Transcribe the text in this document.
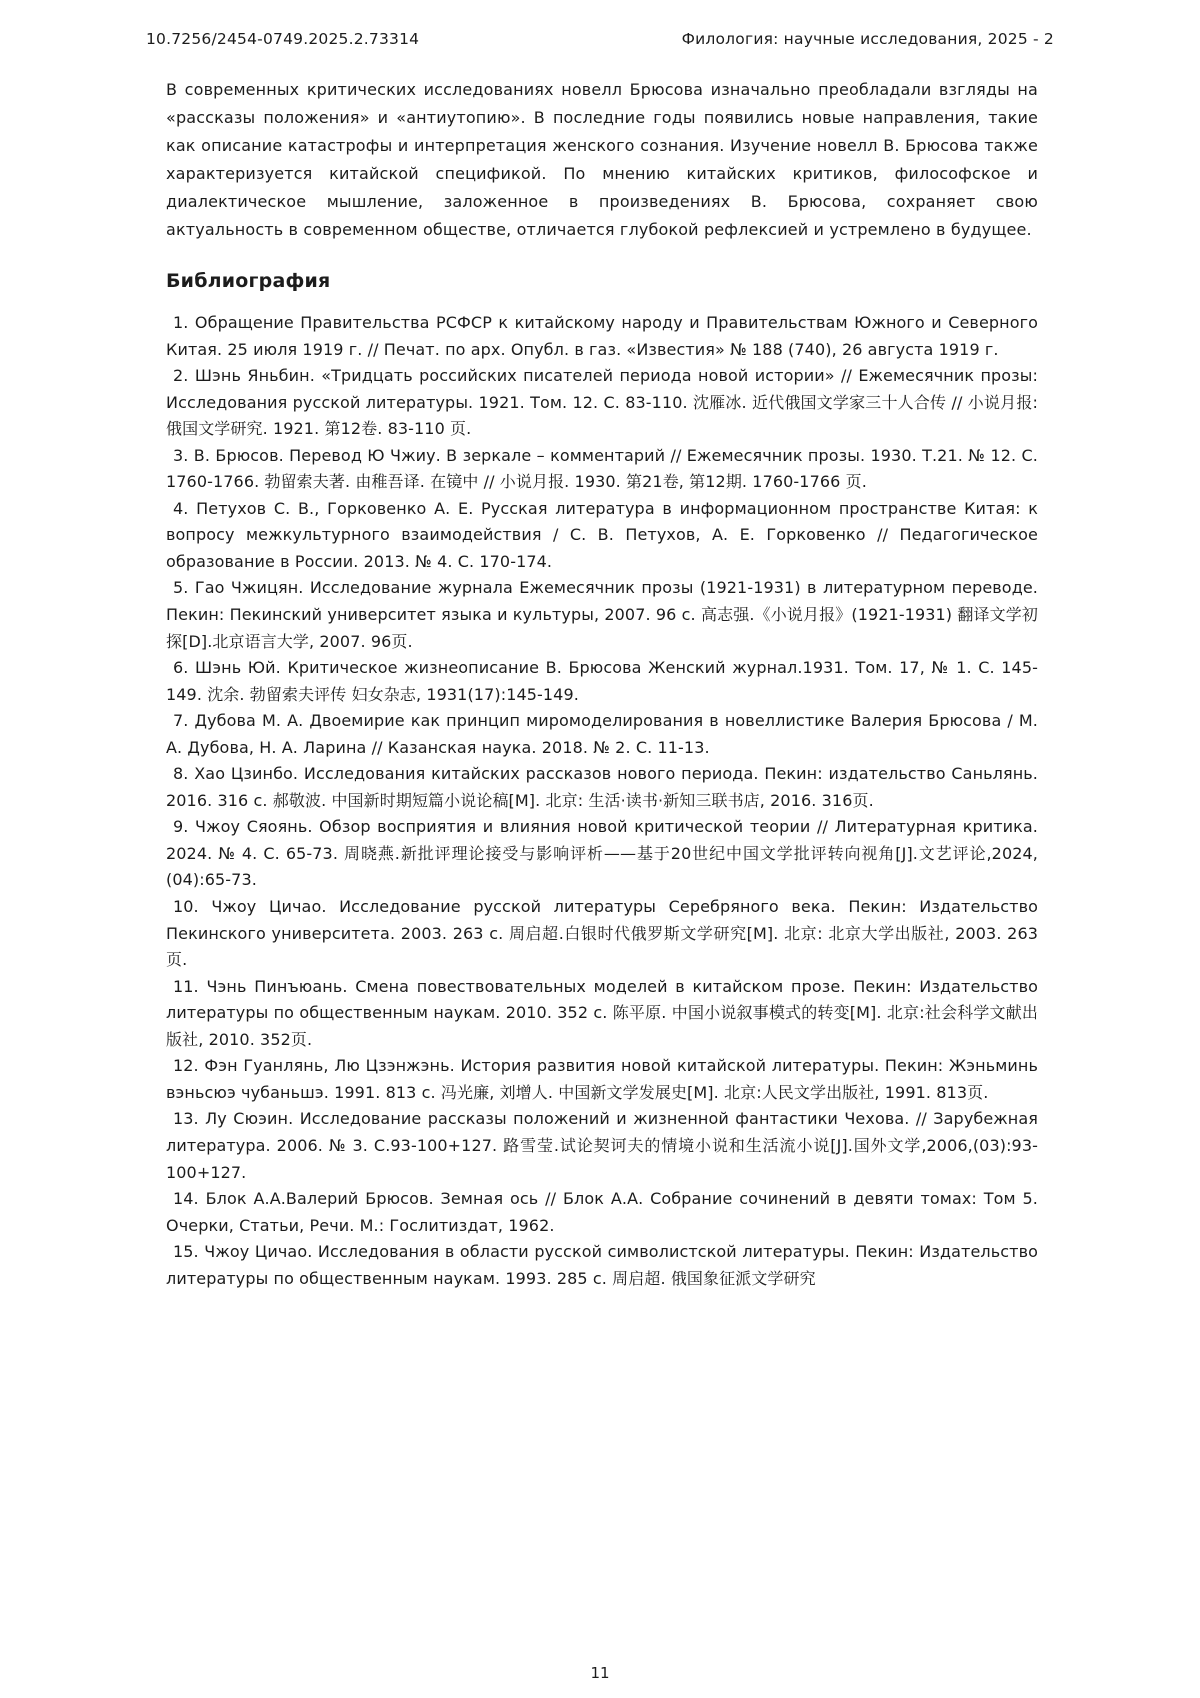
10.7256/2454-0749.2025.2.73314	Филология: научные исследования, 2025 - 2

В современных критических исследованиях новелл Брюсова изначально преобладали взгляды на «рассказы положения» и «антиутопию». В последние годы появились новые направления, такие как описание катастрофы и интерпретация женского сознания. Изучение новелл В. Брюсова также характеризуется китайской спецификой. По мнению китайских критиков, философское и диалектическое мышление, заложенное в произведениях В. Брюсова, сохраняет свою актуальность в современном обществе, отличается глубокой рефлексией и устремлено в будущее.

Библиография

1. Обращение Правительства РСФСР к китайскому народу и Правительствам Южного и Северного Китая. 25 июля 1919 г. // Печат. по арх. Опубл. в газ. «Известия» № 188 (740), 26 августа 1919 г.

2. Шэнь Яньбин. «Тридцать российских писателей периода новой истории» // Ежемесячник прозы: Исследования русской литературы. 1921. Том. 12. С. 83-110. 沈雁冰. 近代俄国文学家三十人合传 // 小说月报: 俄国文学研究. 1921. 第12卷. 83-110 页.

3. В. Брюсов. Перевод Ю Чжиу. В зеркале – комментарий // Ежемесячник прозы. 1930. Т.21. № 12. С. 1760-1766. 勃留索夫著. 由稚吾译. 在镜中 // 小说月报. 1930. 第21卷, 第12期. 1760-1766 页.

4. Петухов С. В., Горковенко А. Е. Русская литература в информационном пространстве Китая: к вопросу межкультурного взаимодействия / С. В. Петухов, А. Е. Горковенко // Педагогическое образование в России. 2013. № 4. С. 170-174.

5. Гао Чжицян. Исследование журнала Ежемесячник прозы (1921-1931) в литературном переводе. Пекин: Пекинский университет языка и культуры, 2007. 96 с. 高志强.《小说月报》(1921-1931) 翻译文学初探[D].北京语言大学, 2007. 96页.

6. Шэнь Юй. Критическое жизнеописание В. Брюсова Женский журнал.1931. Том. 17, № 1. С. 145-149. 沈余. 勃留索夫评传 妇女杂志, 1931(17):145-149.

7. Дубова М. А. Двоемирие как принцип миромоделирования в новеллистике Валерия Брюсова / М. А. Дубова, Н. А. Ларина // Казанская наука. 2018. № 2. С. 11-13.

8. Хао Цзинбо. Исследования китайских рассказов нового периода. Пекин: издательство Саньлянь. 2016. 316 с. 郝敬波. 中国新时期短篇小说论稿[M]. 北京: 生活·读书·新知三联书店, 2016. 316页.

9. Чжоу Сяоянь. Обзор восприятия и влияния новой критической теории // Литературная критика. 2024. № 4. С. 65-73. 周晓燕.新批评理论接受与影响评析——基于20世纪中国文学批评转向视角[J].文艺评论,2024,(04):65-73.

10. Чжоу Цичао. Исследование русской литературы Серебряного века. Пекин: Издательство Пекинского университета. 2003. 263 с. 周启超.白银时代俄罗斯文学研究[M]. 北京: 北京大学出版社, 2003. 263页.

11. Чэнь Пинъюань. Смена повествовательных моделей в китайском прозе. Пекин: Издательство литературы по общественным наукам. 2010. 352 с. 陈平原. 中国小说叙事模式的转变[M]. 北京:社会科学文献出版社, 2010. 352页.

12. Фэн Гуанлянь, Лю Цзэнжэнь. История развития новой китайской литературы. Пекин: Жэньминь вэньсюэ чубаньшэ. 1991. 813 с. 冯光廉, 刘增人. 中国新文学发展史[M]. 北京:人民文学出版社, 1991. 813页.

13. Лу Сюэин. Исследование рассказы положений и жизненной фантастики Чехова. // Зарубежная литература. 2006. № 3. С.93-100+127. 路雪莹.试论契诃夫的情境小说和生活流小说[J].国外文学,2006,(03):93-100+127.

14. Блок А.А.Валерий Брюсов. Земная ось // Блок А.А. Собрание сочинений в девяти томах: Том 5. Очерки, Статьи, Речи. М.: Гослитиздат, 1962.

15. Чжоу Цичао. Исследования в области русской символистской литературы. Пекин: Издательство литературы по общественным наукам. 1993. 285 с. 周启超. 俄国象征派文学研究

11
